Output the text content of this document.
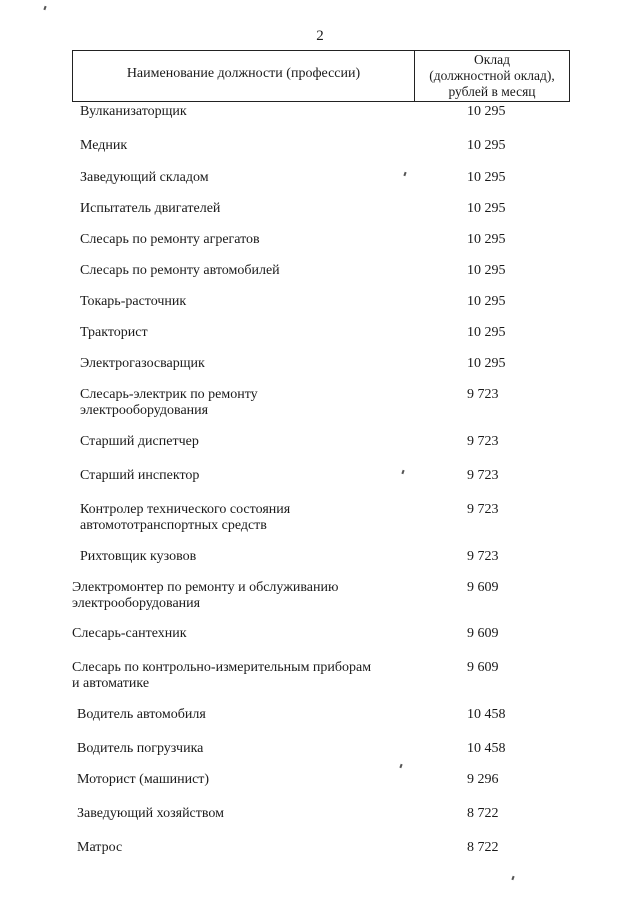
2
Наименование должности (профессии)
Оклад
(должностной оклад),
рублей в месяц
Вулканизаторщик	10 295
Медник	10 295
Заведующий складом	10 295
Испытатель двигателей	10 295
Слесарь по ремонту агрегатов	10 295
Слесарь по ремонту автомобилей	10 295
Токарь-расточник	10 295
Тракторист	10 295
Электрогазосварщик	10 295
Слесарь-электрик по ремонту
электрооборудования
9 723
Старший диспетчер	9 723
Старший инспектор	9 723
Контролер технического состояния
автомототранспортных средств
9 723
Рихтовщик кузовов	9 723
Электромонтер по ремонту и обслуживанию
электрооборудования
9 609
Слесарь-сантехник	9 609
Слесарь по контрольно-измерительным приборам
и автоматике
9 609
Водитель автомобиля	10 458
Водитель погрузчика	10 458
Моторист (машинист)	9 296
Заведующий хозяйством	8 722
Матрос	8 722
